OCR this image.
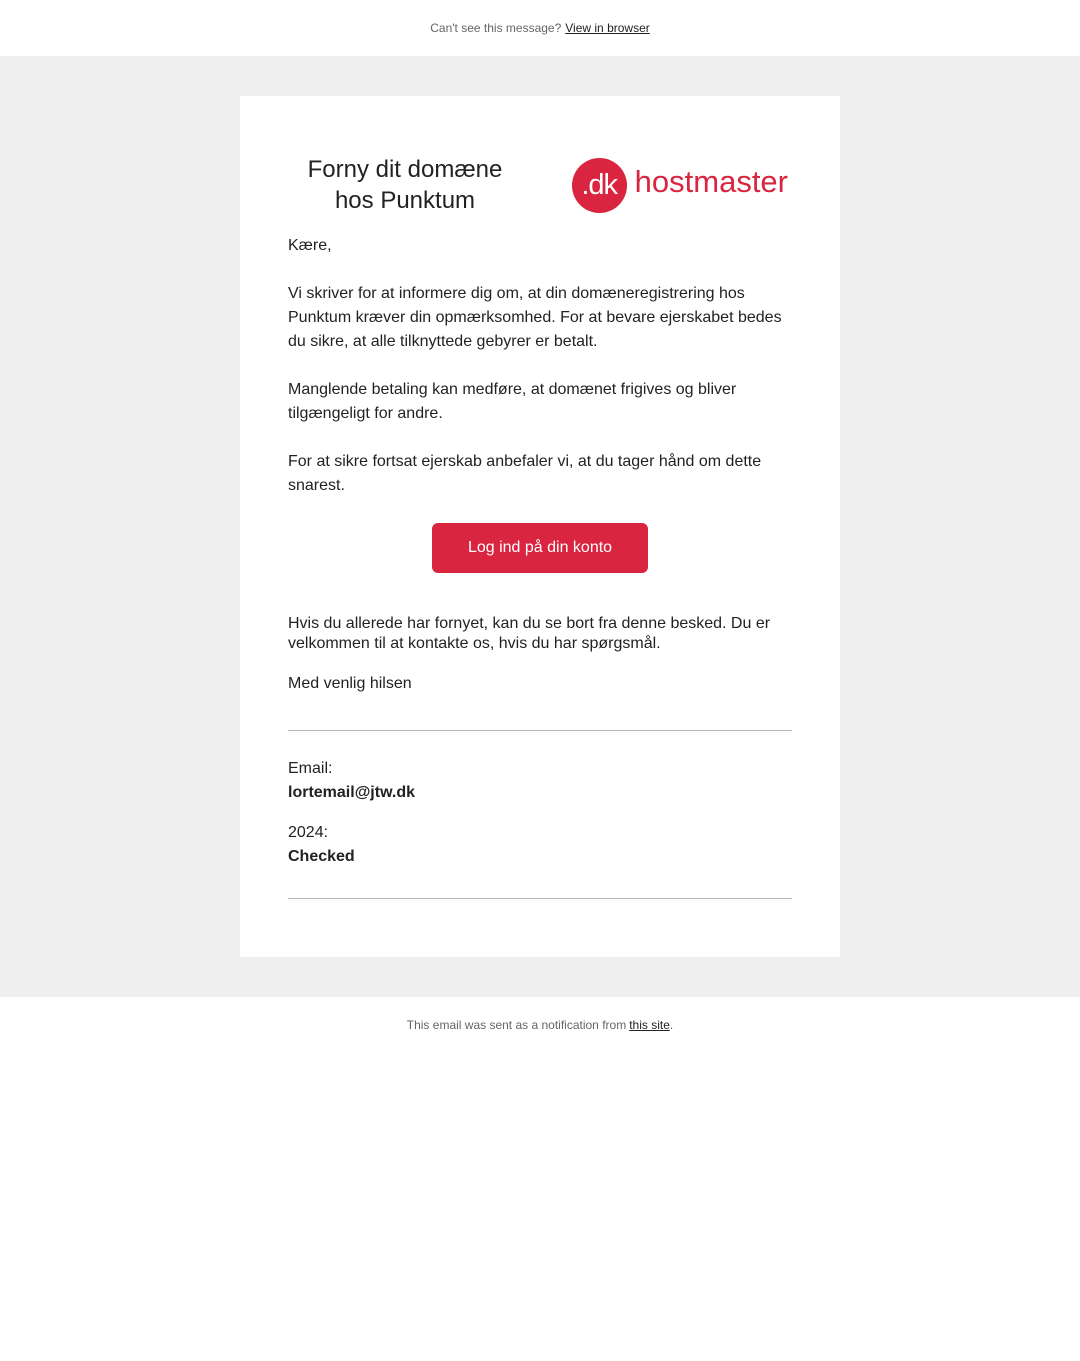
Can't see this message? View in browser
Forny dit domæne
hos Punktum	.dk hostmaster

Kære,

Vi skriver for at informere dig om, at din domæneregistrering hos Punktum kræver din opmærksomhed. For at bevare ejerskabet bedes du sikre, at alle tilknyttede gebyrer er betalt.

Manglende betaling kan medføre, at domænet frigives og bliver tilgængeligt for andre.

For at sikre fortsat ejerskab anbefaler vi, at du tager hånd om dette snarest.

Log ind på din konto

Hvis du allerede har fornyet, kan du se bort fra denne besked. Du er velkommen til at kontakte os, hvis du har spørgsmål.

Med venlig hilsen

Email:

lortemail@jtw.dk

2024:

Checked

This email was sent as a notification from this site.
